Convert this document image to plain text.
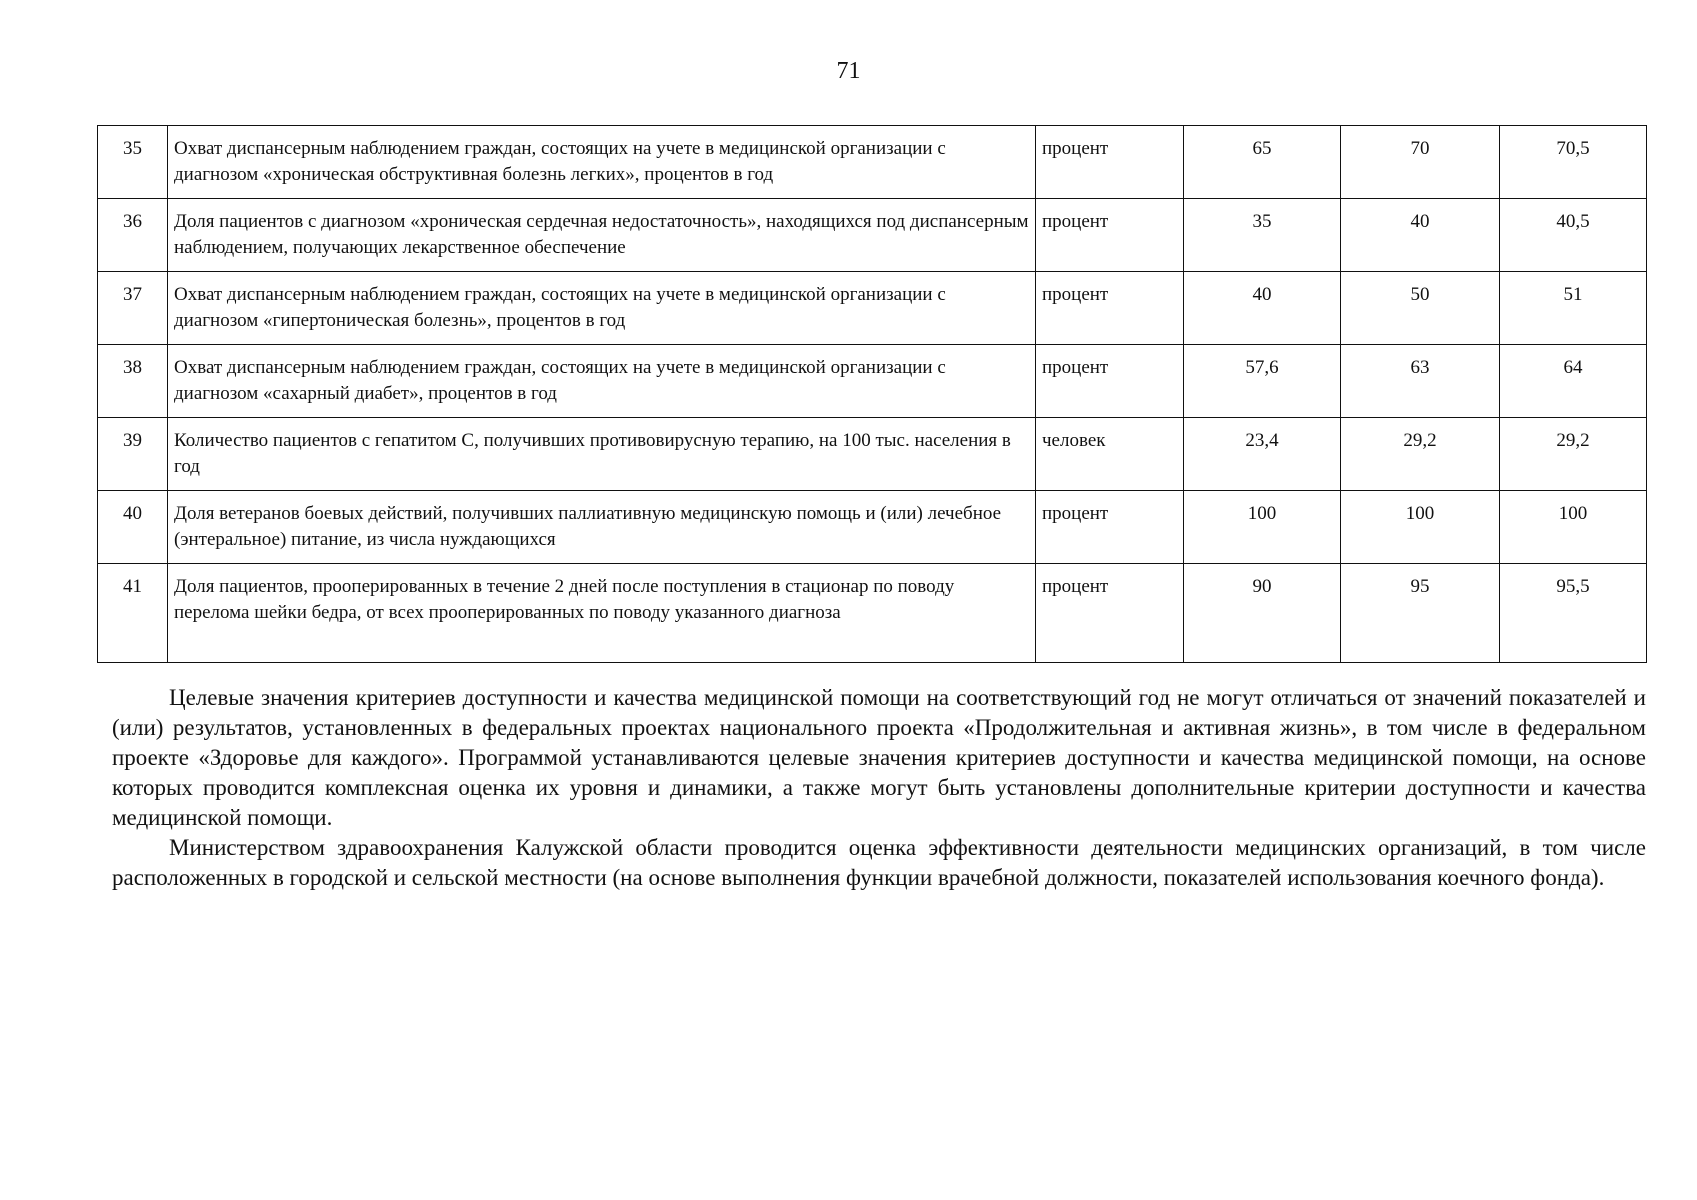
71
35	Охват диспансерным наблюдением граждан, состоящих на учете в медицинской организации с диагнозом «хроническая обструктивная болезнь легких», процентов в год	процент	65	70	70,5
36	Доля пациентов с диагнозом «хроническая сердечная недостаточность», находящихся под диспансерным наблюдением, получающих лекарственное обеспечение	процент	35	40	40,5
37	Охват диспансерным наблюдением граждан, состоящих на учете в медицинской организации с диагнозом «гипертоническая болезнь», процентов в год	процент	40	50	51
38	Охват диспансерным наблюдением граждан, состоящих на учете в медицинской организации с диагнозом «сахарный диабет», процентов в год	процент	57,6	63	64
39	Количество пациентов с гепатитом С, получивших противовирусную терапию, на 100 тыс. населения в год	человек	23,4	29,2	29,2
40	Доля ветеранов боевых действий, получивших паллиативную медицинскую помощь и (или) лечебное (энтеральное) питание, из числа нуждающихся	процент	100	100	100
41	Доля пациентов, прооперированных в течение 2 дней после поступления в стационар по поводу перелома шейки бедра, от всех прооперированных по поводу указанного диагноза	процент	90	95	95,5

Целевые значения критериев доступности и качества медицинской помощи на соответствующий год не могут отличаться от значений показателей и (или) результатов, установленных в федеральных проектах национального проекта «Продолжительная и активная жизнь», в том числе в федеральном проекте «Здоровье для каждого». Программой устанавливаются целевые значения критериев доступности и качества медицинской помощи, на основе которых проводится комплексная оценка их уровня и динамики, а также могут быть установлены дополнительные критерии доступности и качества медицинской помощи.

Министерством здравоохранения Калужской области проводится оценка эффективности деятельности медицинских организаций, в том числе расположенных в городской и сельской местности (на основе выполнения функции врачебной должности, показателей использования коечного фонда).
